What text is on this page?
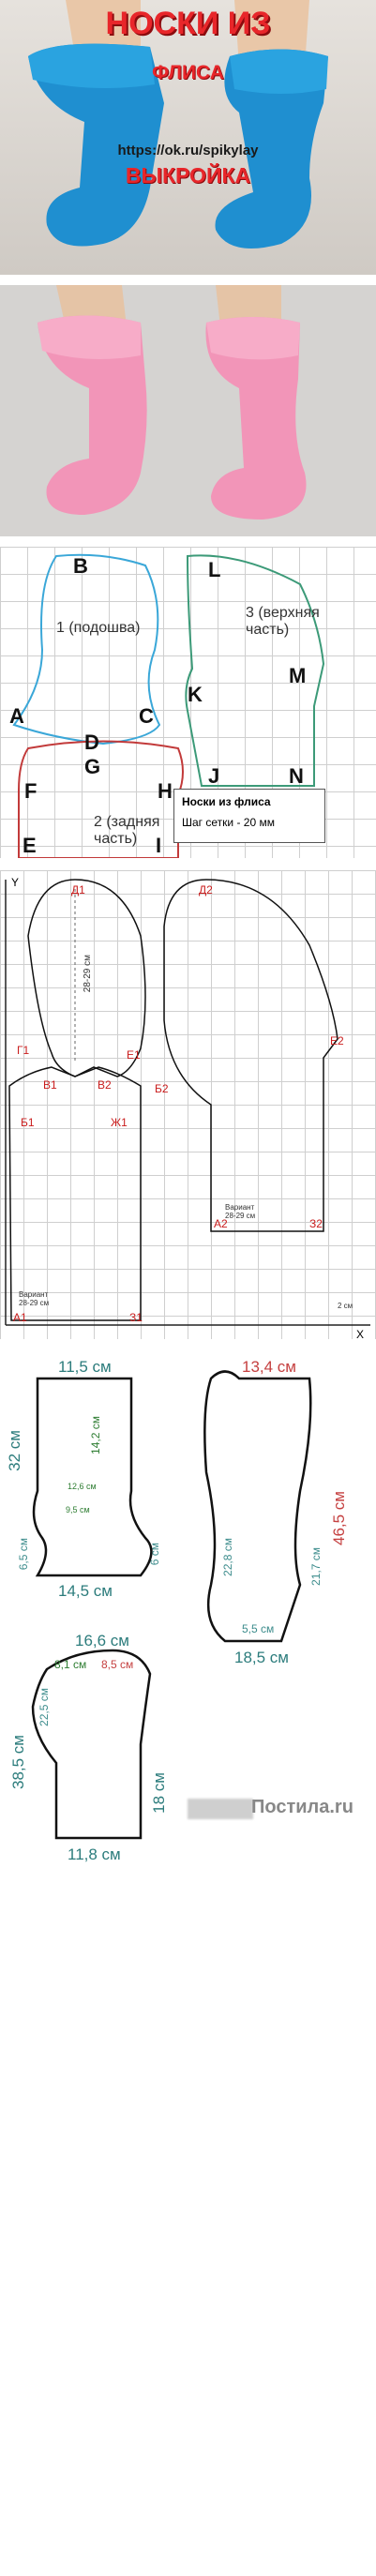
НОСКИ ИЗ
ФЛИСА
https://ok.ru/spikylay
ВЫКРОЙКА
B
1 (подошва)
A	C
D
G
F	H
2 (задняя
часть)
E	I
L
3 (верхняя
часть)
K
M
J	N
Носки из флиса
Шаг сетки - 20 мм
Y
X
Д1	Д2
28-29 см
Г1	Е1
Е2
Б2
В1	В2
Б1	Ж1
Вариант
28-29 см
А2	З2
Вариант
28-29 см	2 см
А1	З1
11,5 см
32 см	14,2 см
12,6 см
9,5 см
6,5 см	6 см
14,5 см
13,4 см
46,5 см
22,8 см	21,7 см
5,5 см
18,5 см
16,6 см
8,1 см 8,5 см
38,5 см
22,5 см
18 см
11,8 см
Постила.ru
